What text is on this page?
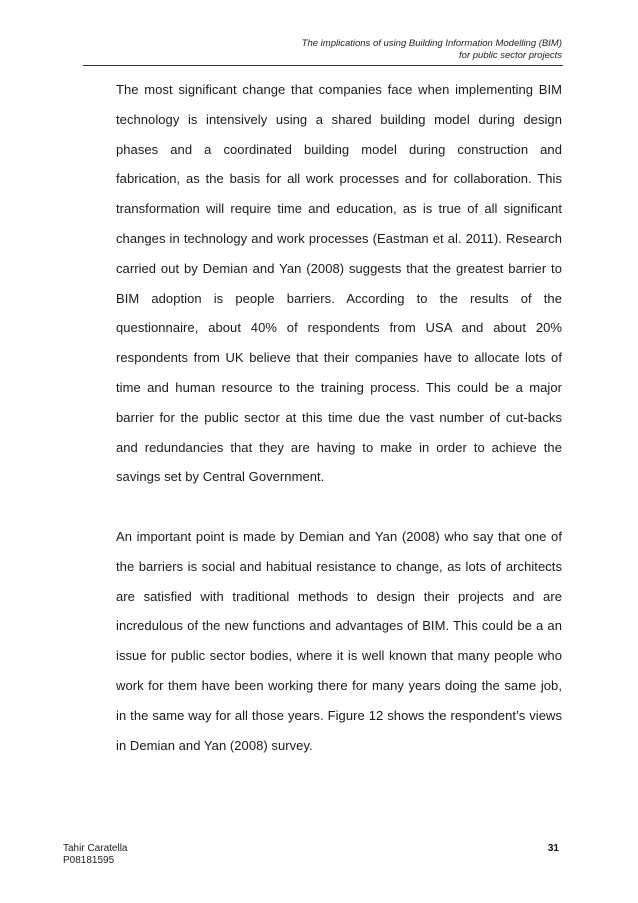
The implications of using Building Information Modelling (BIM)
for public sector projects

The most significant change that companies face when implementing BIM technology is intensively using a shared building model during design phases and a coordinated building model during construction and fabrication, as the basis for all work processes and for collaboration. This transformation will require time and education, as is true of all significant changes in technology and work processes (Eastman et al. 2011). Research carried out by Demian and Yan (2008) suggests that the greatest barrier to BIM adoption is people barriers. According to the results of the questionnaire, about 40% of respondents from USA and about 20% respondents from UK believe that their companies have to allocate lots of time and human resource to the training process. This could be a major barrier for the public sector at this time due the vast number of cut-backs and redundancies that they are having to make in order to achieve the savings set by Central Government.

An important point is made by Demian and Yan (2008) who say that one of the barriers is social and habitual resistance to change, as lots of architects are satisfied with traditional methods to design their projects and are incredulous of the new functions and advantages of BIM. This could be a an issue for public sector bodies, where it is well known that many people who work for them have been working there for many years doing the same job, in the same way for all those years. Figure 12 shows the respondent’s views in Demian and Yan (2008) survey.

Tahir Caratella
P08181595
31
